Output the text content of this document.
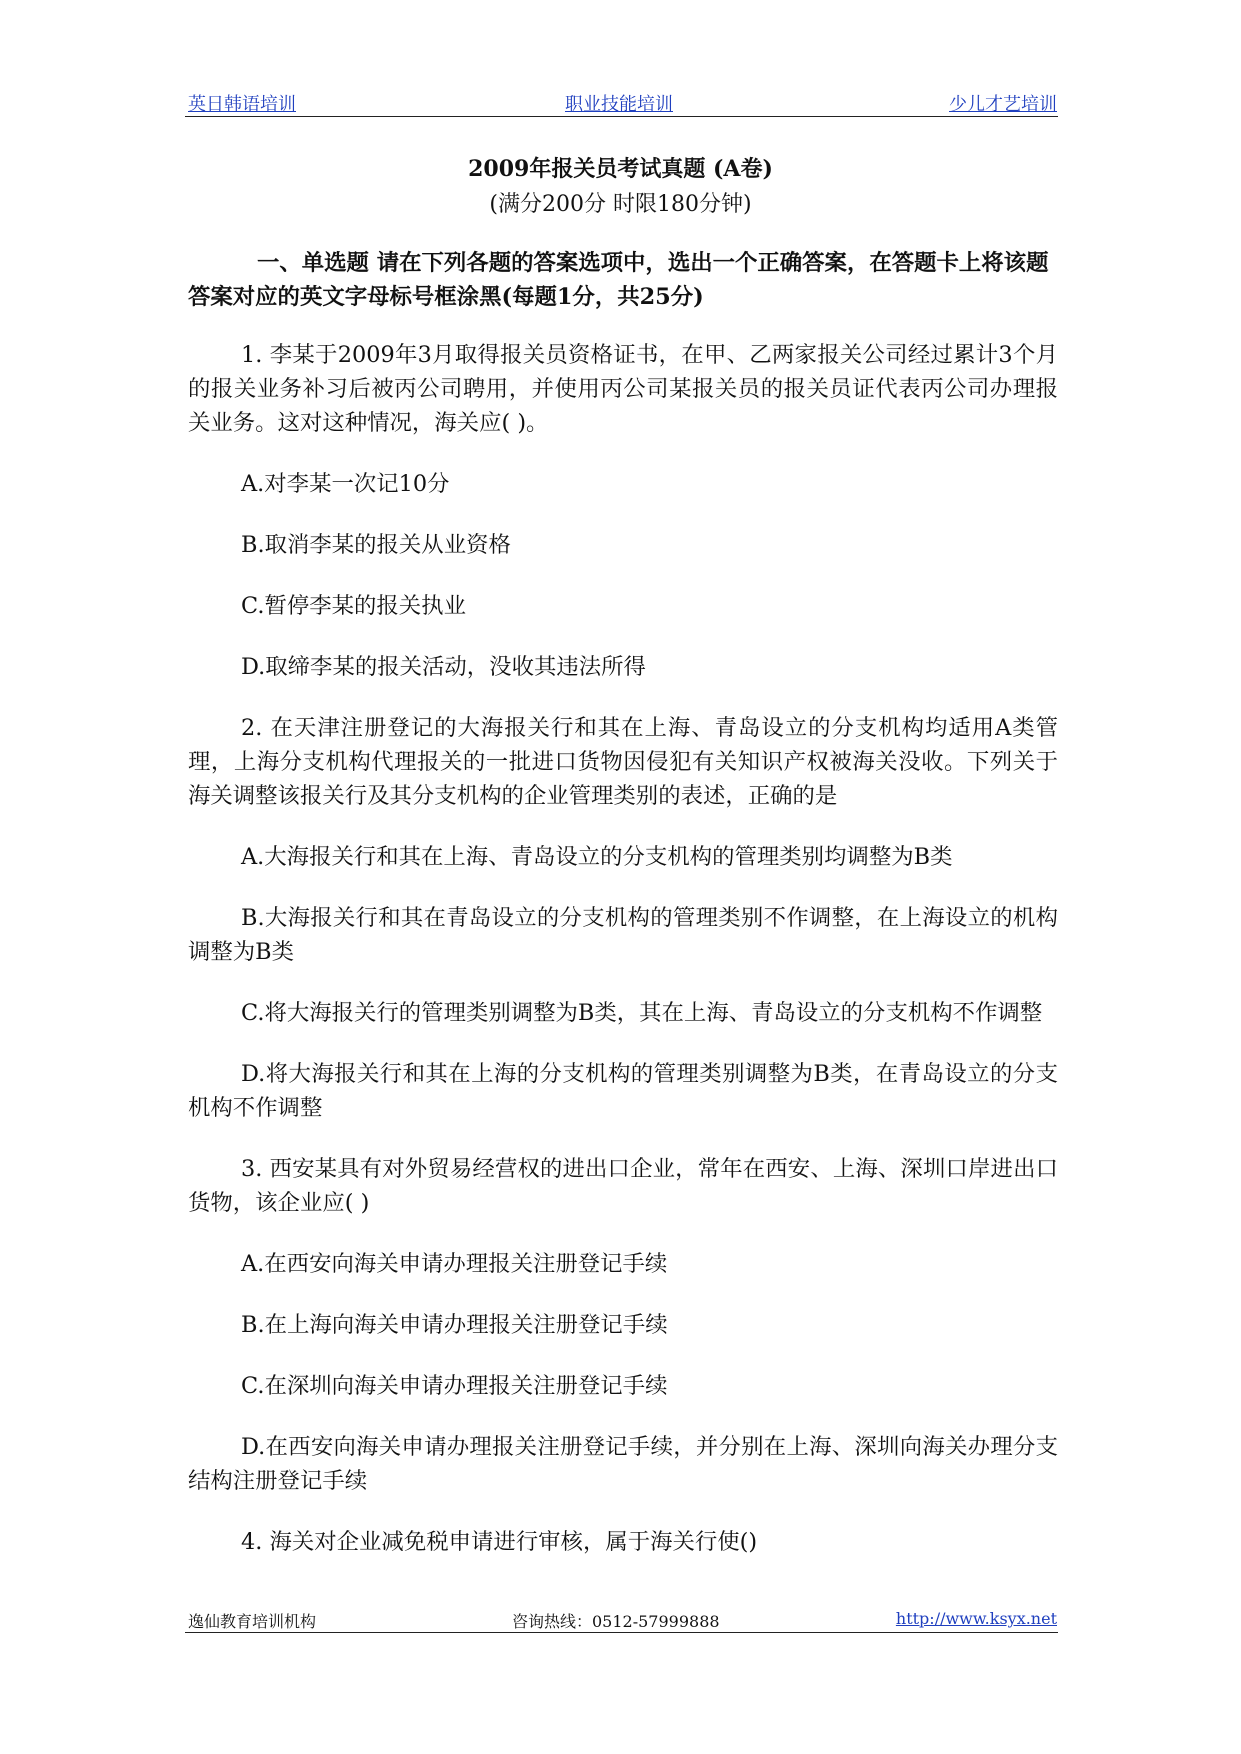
英日韩语培训	职业技能培训	少儿才艺培训
2009年报关员考试真题 (A卷)
(满分200分 时限180分钟)
一、单选题 请在下列各题的答案选项中，选出一个正确答案，在答题卡上将该题答案对应的英文字母标号框涂黑(每题1分，共25分)

1. 李某于2009年3月取得报关员资格证书，在甲、乙两家报关公司经过累计3个月的报关业务补习后被丙公司聘用，并使用丙公司某报关员的报关员证代表丙公司办理报关业务。这对这种情况，海关应( )。

A.对李某一次记10分

B.取消李某的报关从业资格

C.暂停李某的报关执业

D.取缔李某的报关活动，没收其违法所得

2. 在天津注册登记的大海报关行和其在上海、青岛设立的分支机构均适用A类管理，上海分支机构代理报关的一批进口货物因侵犯有关知识产权被海关没收。下列关于海关调整该报关行及其分支机构的企业管理类别的表述，正确的是

A.大海报关行和其在上海、青岛设立的分支机构的管理类别均调整为B类

B.大海报关行和其在青岛设立的分支机构的管理类别不作调整，在上海设立的机构调整为B类

C.将大海报关行的管理类别调整为B类，其在上海、青岛设立的分支机构不作调整

D.将大海报关行和其在上海的分支机构的管理类别调整为B类，在青岛设立的分支机构不作调整

3. 西安某具有对外贸易经营权的进出口企业，常年在西安、上海、深圳口岸进出口货物，该企业应( )

A.在西安向海关申请办理报关注册登记手续

B.在上海向海关申请办理报关注册登记手续

C.在深圳向海关申请办理报关注册登记手续

D.在西安向海关申请办理报关注册登记手续，并分别在上海、深圳向海关办理分支结构注册登记手续

4. 海关对企业减免税申请进行审核，属于海关行使()

逸仙教育培训机构	咨询热线：0512-57999888	http://www.ksyx.net
